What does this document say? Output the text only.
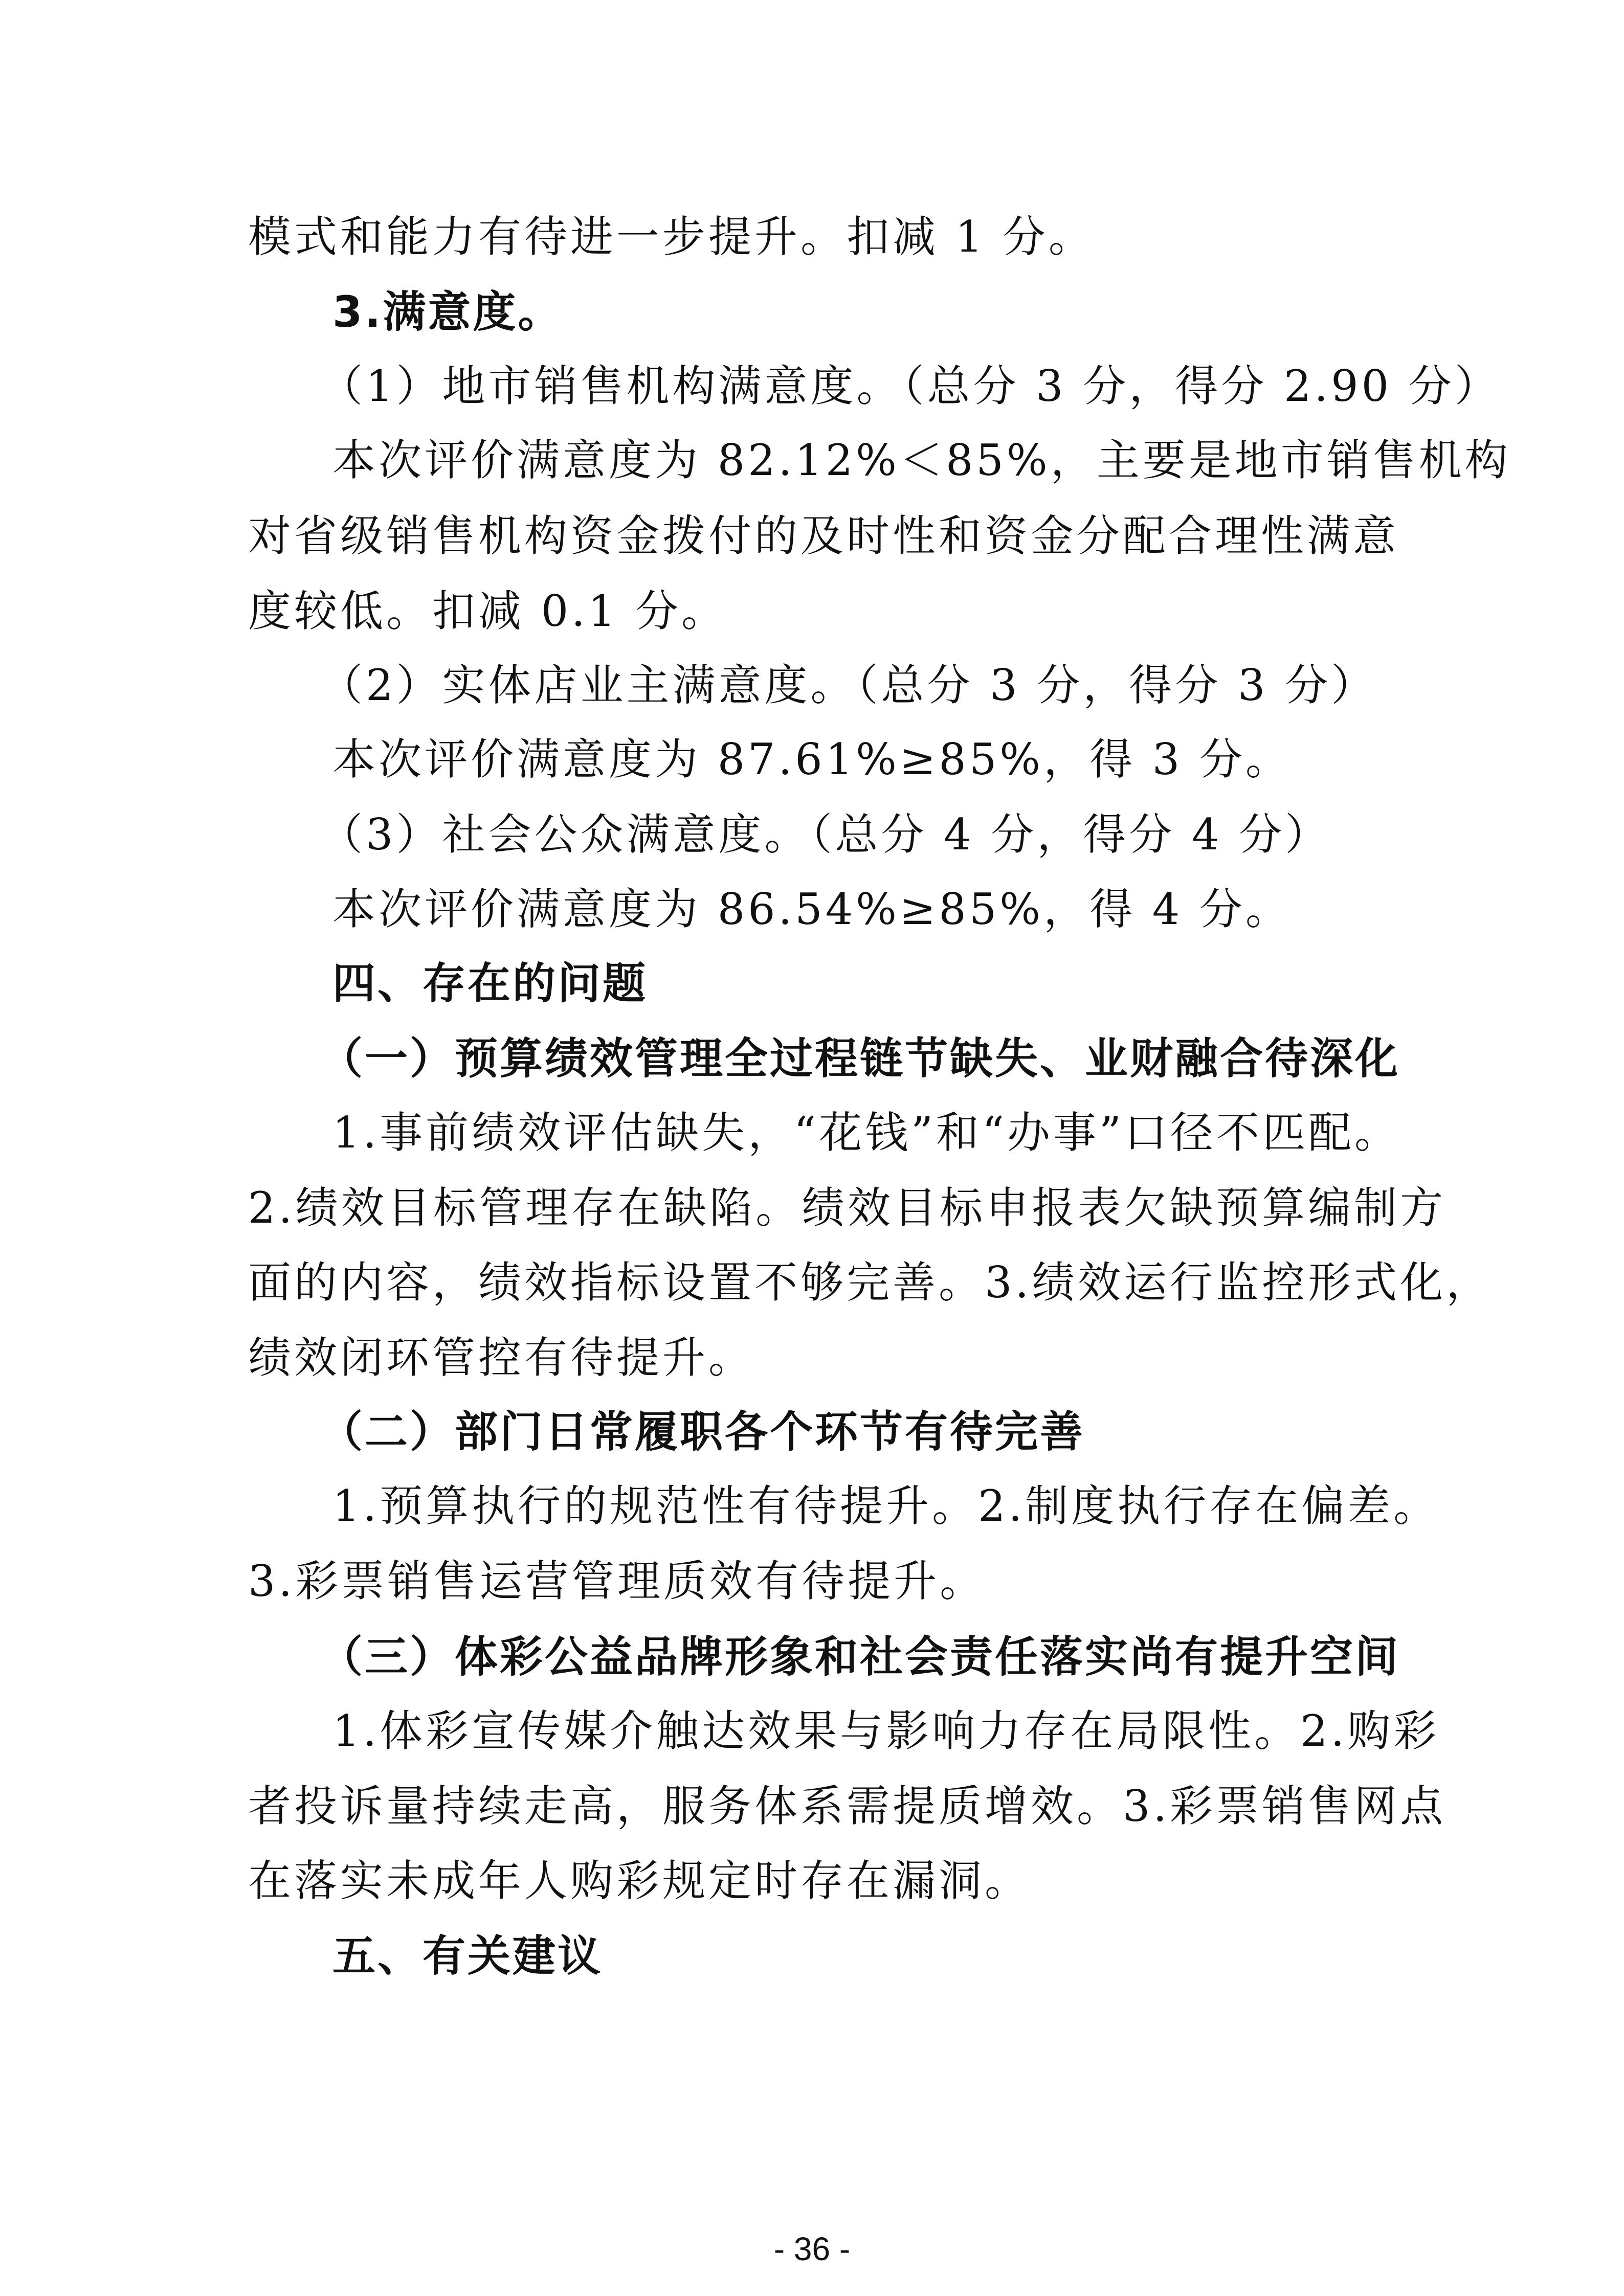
模式和能力有待进一步提升。扣减 1 分。
3.满意度。
（1）地市销售机构满意度。（总分 3 分，得分 2.90 分）
本次评价满意度为 82.12%＜85%，主要是地市销售机构
对省级销售机构资金拨付的及时性和资金分配合理性满意
度较低。扣减 0.1 分。
（2）实体店业主满意度。（总分 3 分，得分 3 分）
本次评价满意度为 87.61%≥85%，得 3 分。
（3）社会公众满意度。（总分 4 分，得分 4 分）
本次评价满意度为 86.54%≥85%，得 4 分。
四、存在的问题
（一）预算绩效管理全过程链节缺失、业财融合待深化
1.事前绩效评估缺失，“花钱”和“办事”口径不匹配。
2.绩效目标管理存在缺陷。绩效目标申报表欠缺预算编制方
面的内容，绩效指标设置不够完善。3.绩效运行监控形式化，
绩效闭环管控有待提升。
（二）部门日常履职各个环节有待完善
1.预算执行的规范性有待提升。2.制度执行存在偏差。
3.彩票销售运营管理质效有待提升。
（三）体彩公益品牌形象和社会责任落实尚有提升空间
1.体彩宣传媒介触达效果与影响力存在局限性。2.购彩
者投诉量持续走高，服务体系需提质增效。3.彩票销售网点
在落实未成年人购彩规定时存在漏洞。
五、有关建议
- 36 -
